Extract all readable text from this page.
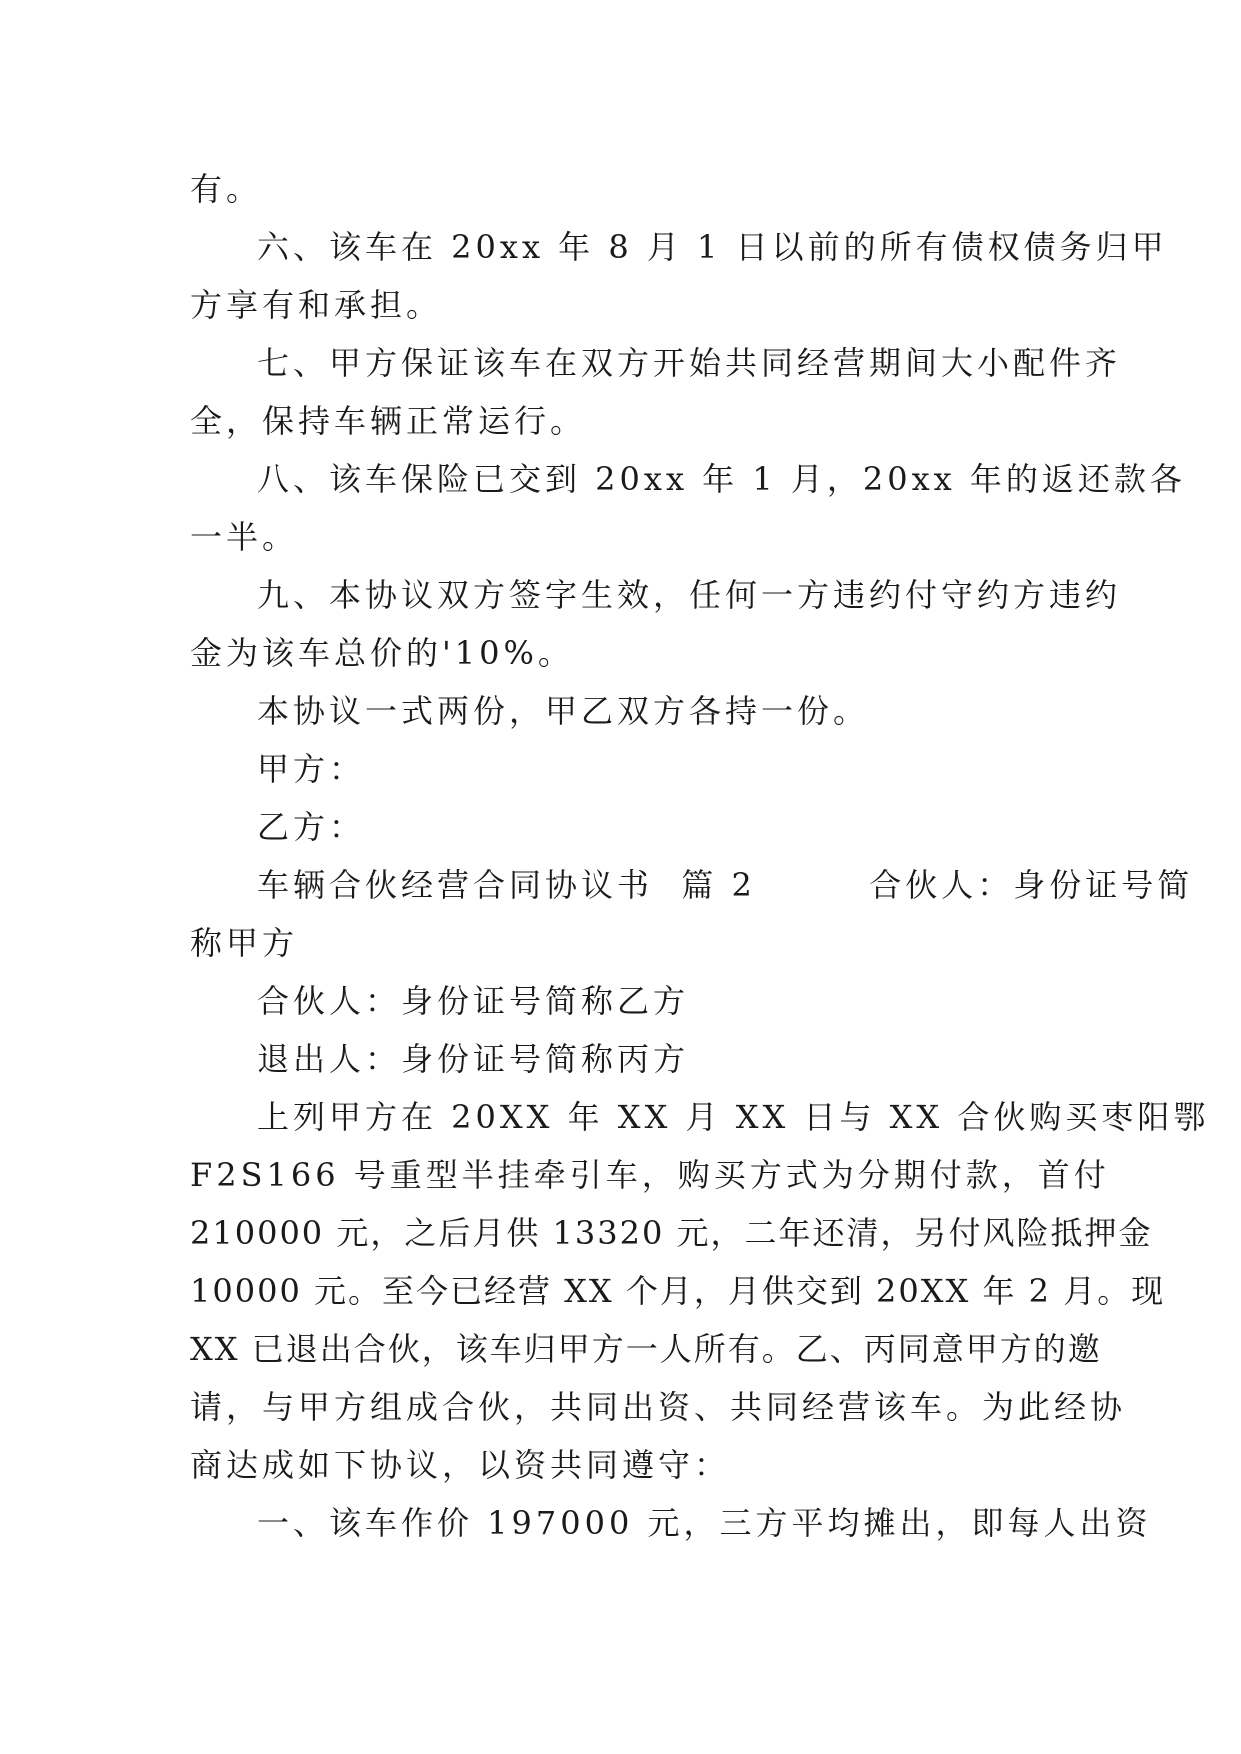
有。
六、该车在 20xx 年 8 月 1 日以前的所有债权债务归甲
方享有和承担。
七、甲方保证该车在双方开始共同经营期间大小配件齐
全，保持车辆正常运行。
八、该车保险已交到 20xx 年 1 月，20xx 年的返还款各
一半。
九、本协议双方签字生效，任何一方违约付守约方违约
金为该车总价的'10%。
本协议一式两份，甲乙双方各持一份。
甲方：
乙方：
车辆合伙经营合同协议书  篇 2        合伙人：身份证号简
称甲方
合伙人：身份证号简称乙方
退出人：身份证号简称丙方
上列甲方在 20XX 年 XX 月 XX 日与 XX 合伙购买枣阳鄂
F2S166 号重型半挂牵引车，购买方式为分期付款，首付
210000 元，之后月供 13320 元，二年还清，另付风险抵押金
10000 元。至今已经营 XX 个月，月供交到 20XX 年 2 月。现
XX 已退出合伙，该车归甲方一人所有。乙、丙同意甲方的邀
请，与甲方组成合伙，共同出资、共同经营该车。为此经协
商达成如下协议，以资共同遵守：
一、该车作价 197000 元，三方平均摊出，即每人出资
